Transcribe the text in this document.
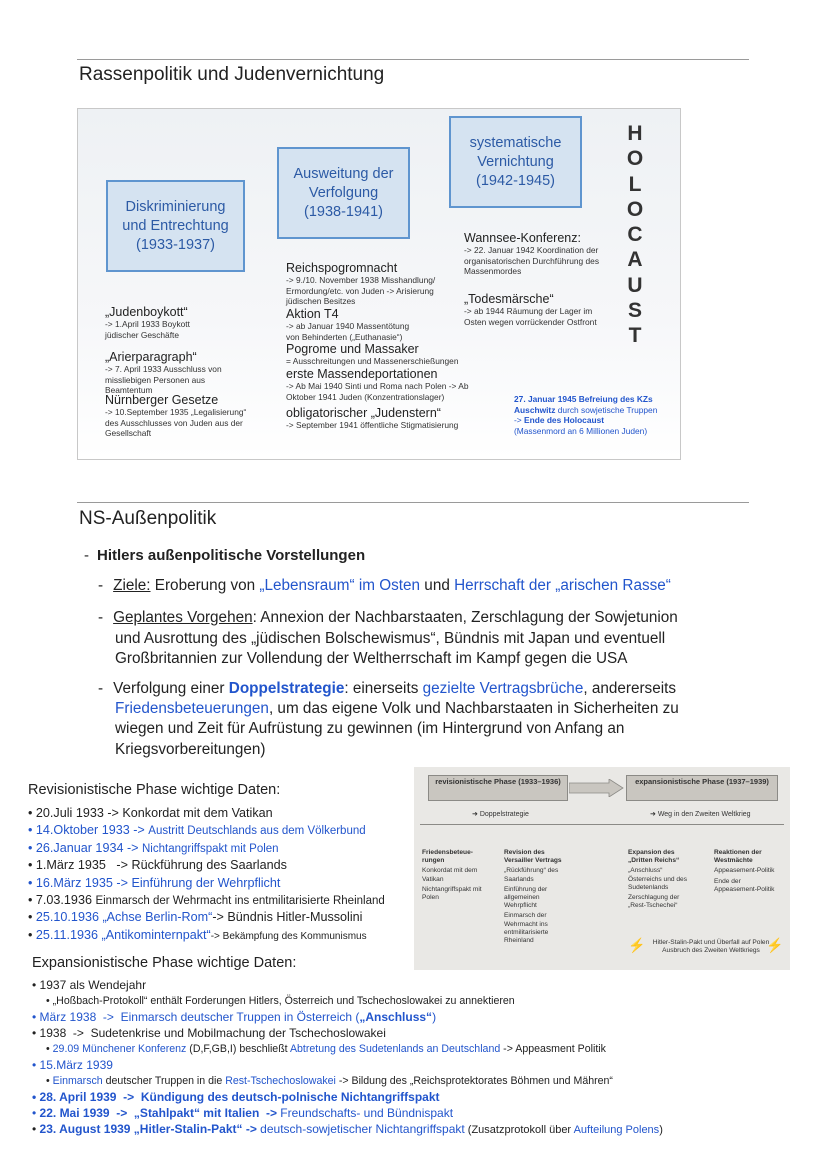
Rassenpolitik und Judenvernichtung
Diskriminierung und Entrechtung (1933-1937)
Ausweitung der Verfolgung (1938-1941)
systematische Vernichtung (1942-1945)
„Judenboykott“
-> 1.April 1933 Boykott jüdischer Geschäfte
„Arierparagraph“
-> 7. April 1933 Ausschluss von missliebigen Personen aus Beamtentum
Nürnberger Gesetze
-> 10.September 1935 „Legalisierung“ des Ausschlusses von Juden aus der Gesellschaft
Reichspogromnacht
-> 9./10. November 1938 Misshandlung/ Ermordung/etc. von Juden -> Arisierung jüdischen Besitzes
Aktion T4
-> ab Januar 1940 Massentötung von Behinderten („Euthanasie“)
Pogrome und Massaker
= Ausschreitungen und Massenerschießungen
erste Massendeportationen
-> Ab Mai 1940 Sinti und Roma nach Polen -> Ab Oktober 1941 Juden (Konzentrationslager)
obligatorischer „Judenstern“
-> September 1941 öffentliche Stigmatisierung
Wannsee-Konferenz:
-> 22. Januar 1942 Koordination der organisatorischen Durchführung des Massenmordes
„Todesmärsche“
-> ab 1944 Räumung der Lager im Osten wegen vorrückender Ostfront
27. Januar 1945 Befreiung des KZs Auschwitz durch sowjetische Truppen -> Ende des Holocaust
(Massenmord an 6 Millionen Juden)
H
O
L
O
C
A
U
S
T
NS-Außenpolitik
- Hitlers außenpolitische Vorstellungen
- Ziele: Eroberung von „Lebensraum“ im Osten und Herrschaft der „arischen Rasse“
- Geplantes Vorgehen: Annexion der Nachbarstaaten, Zerschlagung der Sowjetunion
und Ausrottung des „jüdischen Bolschewismus“, Bündnis mit Japan und eventuell
Großbritannien zur Vollendung der Weltherrschaft im Kampf gegen die USA
- Verfolgung einer Doppelstrategie: einerseits gezielte Vertragsbrüche, andererseits
Friedensbeteuerungen, um das eigene Volk und Nachbarstaaten in Sicherheiten zu
wiegen und Zeit für Aufrüstung zu gewinnen (im Hintergrund von Anfang an
Kriegsvorbereitungen)
Revisionistische Phase wichtige Daten:
• 20.Juli 1933 -> Konkordat mit dem Vatikan
• 14.Oktober 1933 -> Austritt Deutschlands aus dem Völkerbund
• 26.Januar 1934 -> Nichtangriffspakt mit Polen
• 1.März 1935   -> Rückführung des Saarlands
• 16.März 1935 -> Einführung der Wehrpflicht
• 7.03.1936 Einmarsch der Wehrmacht ins entmilitarisierte Rheinland
• 25.10.1936 „Achse Berlin-Rom“-> Bündnis Hitler-Mussolini
• 25.11.1936 „Antikominternpakt“-> Bekämpfung des Kommunismus
revisionistische Phase (1933–1936)	expansionistische Phase (1937–1939)
➜ Doppelstrategie	➜ Weg in den Zweiten Weltkrieg
Friedensbeteue-rungen
Konkordat mit dem Vatikan
Nichtangriffspakt mit Polen
Revision des Versailler Vertrags
„Rückführung“ des Saarlands
Einführung der allgemeinen Wehrpflicht
Einmarsch der Wehrmacht ins entmilitarisierte Rheinland
Expansion des „Dritten Reichs“
„Anschluss“ Österreichs und des Sudetenlands
Zerschlagung der „Rest-Tschechei“
Reaktionen der Westmächte
Appeasement-Politik
Ende der Appeasement-Politik
Hitler-Stalin-Pakt und Überfall auf Polen Ausbruch des Zweiten Weltkriegs
⚡	⚡
Expansionistische Phase wichtige Daten:
• 1937 als Wendejahr
• „Hoßbach-Protokoll“ enthält Forderungen Hitlers, Österreich und Tschechoslowakei zu annektieren
• März 1938  ->  Einmarsch deutscher Truppen in Österreich („Anschluss“)
• 1938  ->  Sudetenkrise und Mobilmachung der Tschechoslowakei
• 29.09 Münchener Konferenz (D,F,GB,I) beschließt Abtretung des Sudetenlands an Deutschland -> Appeasment Politik
• 15.März 1939
• Einmarsch deutscher Truppen in die Rest-Tschechoslowakei -> Bildung des „Reichsprotektorates Böhmen und Mähren“
• 28. April 1939  ->  Kündigung des deutsch-polnische Nichtangriffspakt
• 22. Mai 1939  ->  „Stahlpakt“ mit Italien  -> Freundschafts- und Bündnispakt
• 23. August 1939 „Hitler-Stalin-Pakt“ -> deutsch-sowjetischer Nichtangriffspakt (Zusatzprotokoll über Aufteilung Polens)
